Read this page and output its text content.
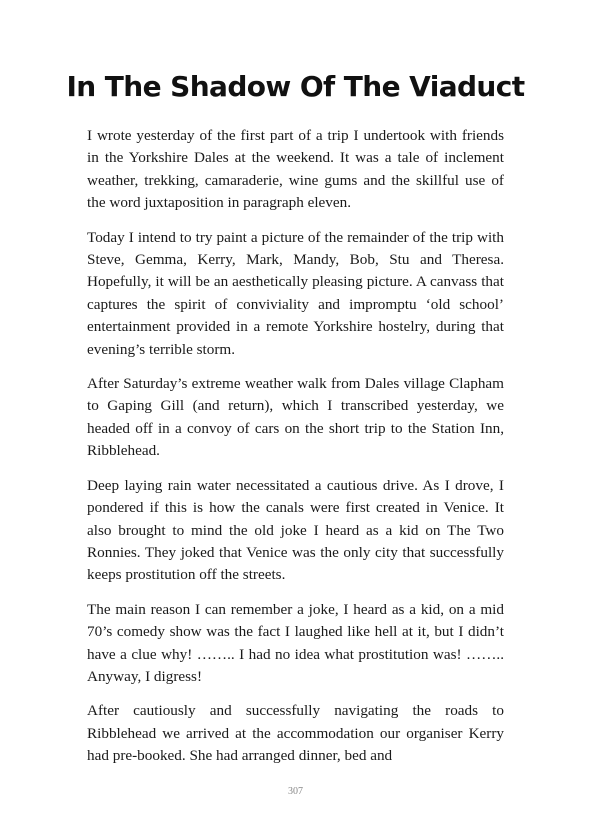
In The Shadow Of The Viaduct

I wrote yesterday of the first part of a trip I undertook with friends in the Yorkshire Dales at the weekend. It was a tale of inclement weather, trekking, camaraderie, wine gums and the skillful use of the word juxtaposition in paragraph eleven.

Today I intend to try paint a picture of the remainder of the trip with Steve, Gemma, Kerry, Mark, Mandy, Bob, Stu and Theresa. Hopefully, it will be an aesthetically pleasing picture. A canvass that captures the spirit of conviviality and impromptu ‘old school’ entertainment provided in a remote Yorkshire hostelry, during that evening’s terrible storm.

After Saturday’s extreme weather walk from Dales village Clapham to Gaping Gill (and return), which I transcribed yesterday, we headed off in a convoy of cars on the short trip to the Station Inn, Ribblehead.

Deep laying rain water necessitated a cautious drive. As I drove, I pondered if this is how the canals were first created in Venice. It also brought to mind the old joke I heard as a kid on The Two Ronnies. They joked that Venice was the only city that successfully keeps prostitution off the streets.

The main reason I can remember a joke, I heard as a kid, on a mid 70’s comedy show was the fact I laughed like hell at it, but I didn’t have a clue why! …….. I had no idea what prostitution was! …….. Anyway, I digress!

After cautiously and successfully navigating the roads to Ribblehead we arrived at the accommodation our organiser Kerry had pre-booked. She had arranged dinner, bed and

307
